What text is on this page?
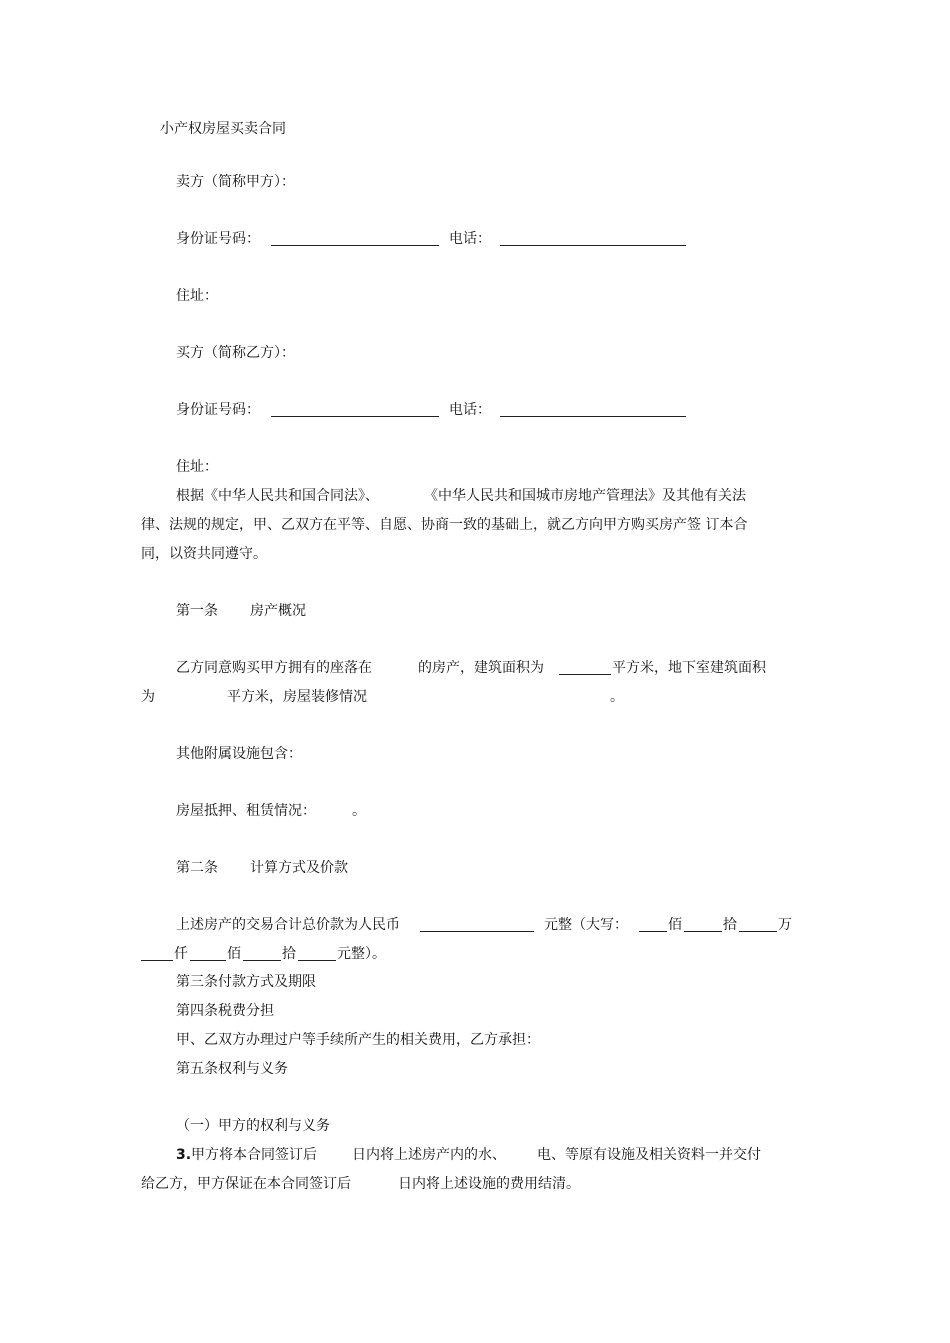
小产权房屋买卖合同
卖方（简称甲方）：
身份证号码：	电话：
住址：
买方（简称乙方）：
身份证号码：	电话：
住址：
根据《中华人民共和国合同法》、	《中华人民共和国城市房地产管理法》及其他有关法
律、法规的规定，甲、乙双方在平等、自愿、协商一致的基础上，就乙方向甲方购买房产签 订本合
同，以资共同遵守。
第一条 房产概况
乙方同意购买甲方拥有的座落在	的房产，建筑面积为	平方米，地下室建筑面积
为	平方米，房屋装修情况	。
其他附属设施包含：
房屋抵押、租赁情况：	。
第二条 计算方式及价款
上述房产的交易合计总价款为人民币	元整（大写：	佰	拾	万
仟	佰	拾	元整）。
第三条付款方式及期限
第四条税费分担
甲、乙双方办理过户等手续所产生的相关费用，乙方承担：
第五条权利与义务
（一）甲方的权利与义务
3. 甲方将本合同签订后	日内将上述房产内的水、 电、等原有设施及相关资料一并交付
给乙方，甲方保证在本合同签订后	日内将上述设施的费用结清。
